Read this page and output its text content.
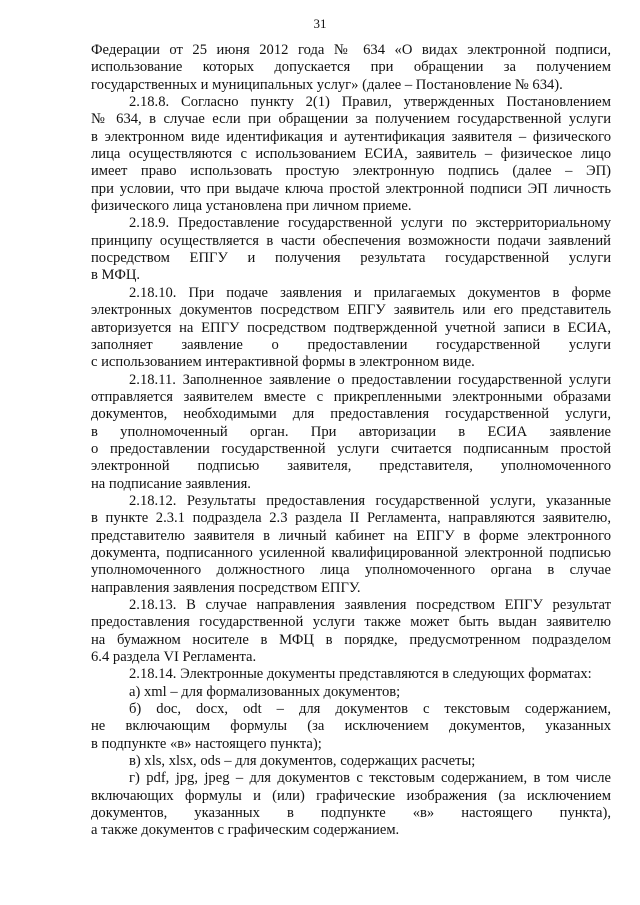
31
Федерации от 25 июня 2012 года № 634 «О видах электронной подписи,
использование которых допускается при обращении за получением
государственных и муниципальных услуг» (далее – Постановление № 634).
2.18.8. Согласно пункту 2(1) Правил, утвержденных Постановлением
№ 634, в случае если при обращении за получением государственной услуги
в электронном виде идентификация и аутентификация заявителя – физического
лица осуществляются с использованием ЕСИА, заявитель – физическое лицо
имеет право использовать простую электронную подпись (далее – ЭП)
при условии, что при выдаче ключа простой электронной подписи ЭП личность
физического лица установлена при личном приеме.
2.18.9. Предоставление государственной услуги по экстерриториальному
принципу осуществляется в части обеспечения возможности подачи заявлений
посредством ЕПГУ и получения результата государственной услуги
в МФЦ.
2.18.10. При подаче заявления и прилагаемых документов в форме
электронных документов посредством ЕПГУ заявитель или его представитель
авторизуется на ЕПГУ посредством подтвержденной учетной записи в ЕСИА,
заполняет заявление о предоставлении государственной услуги
с использованием интерактивной формы в электронном виде.
2.18.11. Заполненное заявление о предоставлении государственной услуги
отправляется заявителем вместе с прикрепленными электронными образами
документов, необходимыми для предоставления государственной услуги,
в уполномоченный орган. При авторизации в ЕСИА заявление
о предоставлении государственной услуги считается подписанным простой
электронной подписью заявителя, представителя, уполномоченного
на подписание заявления.
2.18.12. Результаты предоставления государственной услуги, указанные
в пункте 2.3.1 подраздела 2.3 раздела II Регламента, направляются заявителю,
представителю заявителя в личный кабинет на ЕПГУ в форме электронного
документа, подписанного усиленной квалифицированной электронной подписью
уполномоченного должностного лица уполномоченного органа в случае
направления заявления посредством ЕПГУ.
2.18.13. В случае направления заявления посредством ЕПГУ результат
предоставления государственной услуги также может быть выдан заявителю
на бумажном носителе в МФЦ в порядке, предусмотренном подразделом
6.4 раздела VI Регламента.
2.18.14. Электронные документы представляются в следующих форматах:
а) xml – для формализованных документов;
б) doc, docx, odt – для документов с текстовым содержанием,
не включающим формулы (за исключением документов, указанных
в подпункте «в» настоящего пункта);
в) xls, xlsx, ods – для документов, содержащих расчеты;
г) pdf, jpg, jpeg – для документов с текстовым содержанием, в том числе
включающих формулы и (или) графические изображения (за исключением
документов, указанных в подпункте «в» настоящего пункта),
а также документов с графическим содержанием.
